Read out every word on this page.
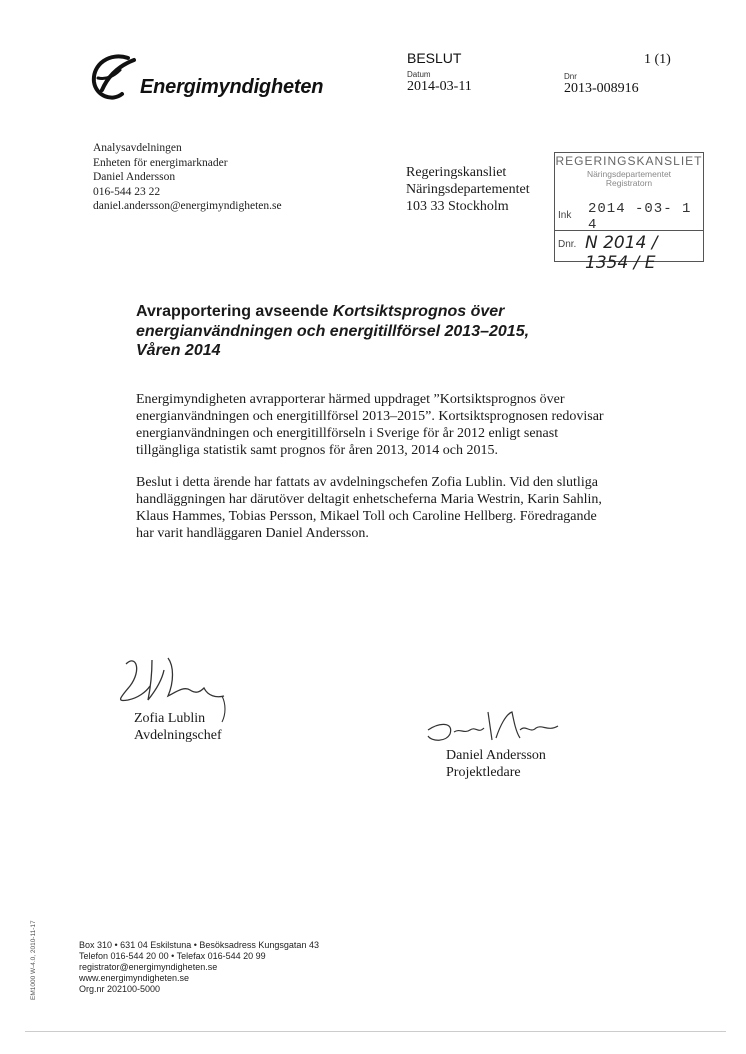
Energimyndigheten
BESLUT	1 (1)
Datum
2014-03-11
Dnr
2013-008916
Analysavdelningen
Enheten för energimarknader
Daniel Andersson
016-544 23 22
daniel.andersson@energimyndigheten.se
Regeringskansliet
Näringsdepartementet
103 33 Stockholm
REGERINGSKANSLIET
Näringsdepartementet
Registratorn
Ink 2014 -03- 1 4
Dnr. N 2014 / 1354 / E
Avrapportering avseende Kortsiktsprognos över energianvändningen och energitillförsel 2013–2015, Våren 2014
Energimyndigheten avrapporterar härmed uppdraget ”Kortsiktsprognos över energianvändningen och energitillförsel 2013–2015”. Kortsiktsprognosen redovisar energianvändningen och energitillförseln i Sverige för år 2012 enligt senast tillgängliga statistik samt prognos för åren 2013, 2014 och 2015.
Beslut i detta ärende har fattats av avdelningschefen Zofia Lublin. Vid den slutliga handläggningen har därutöver deltagit enhetscheferna Maria Westrin, Karin Sahlin, Klaus Hammes, Tobias Persson, Mikael Toll och Caroline Hellberg. Föredragande har varit handläggaren Daniel Andersson.
Zofia Lublin
Avdelningschef
Daniel Andersson
Projektledare
EM1000 W-4.0, 2010-11-17	Box 310 • 631 04 Eskilstuna • Besöksadress Kungsgatan 43
Telefon 016-544 20 00 • Telefax 016-544 20 99
registrator@energimyndigheten.se
www.energimyndigheten.se
Org.nr 202100-5000
